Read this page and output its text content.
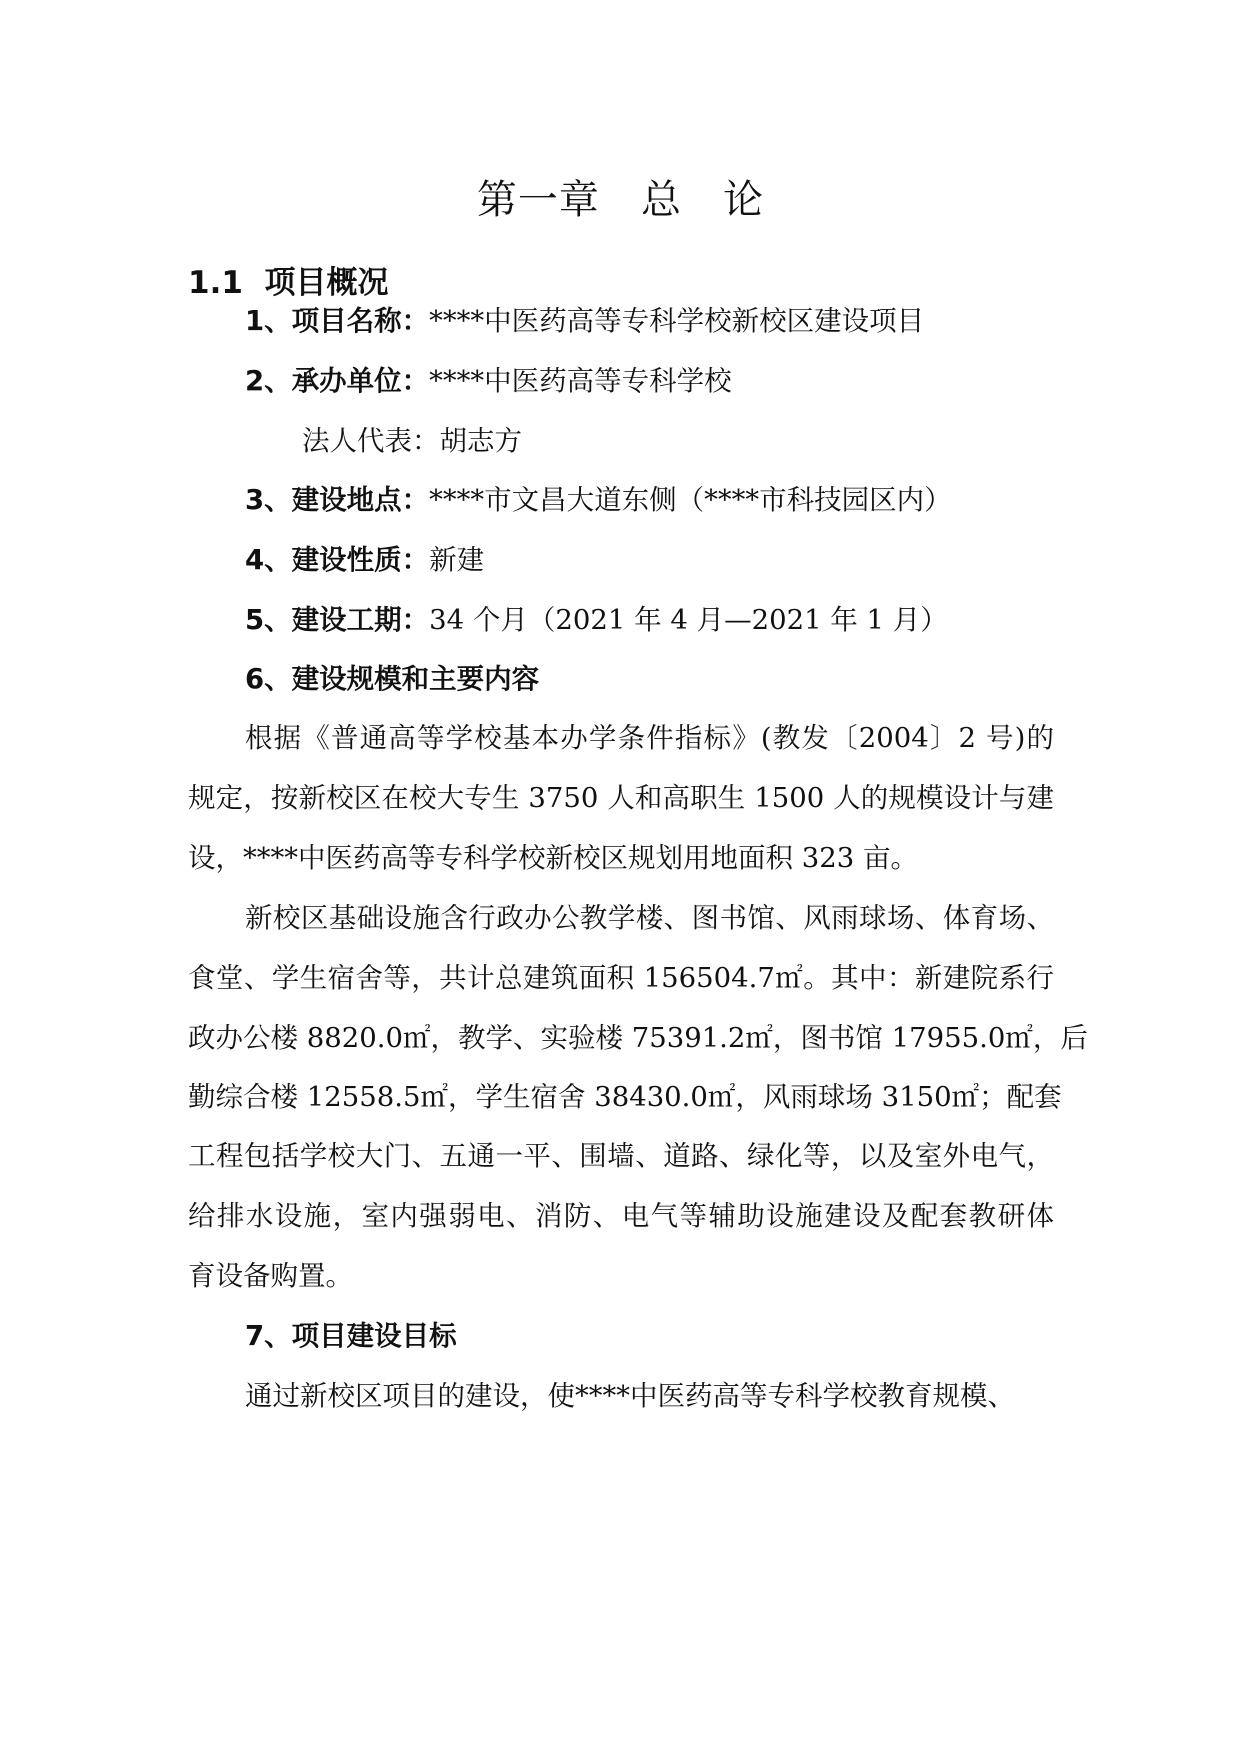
第一章   总   论
1.1  项目概况
1、项目名称：****中医药高等专科学校新校区建设项目
2、承办单位：****中医药高等专科学校
法人代表：胡志方
3、建设地点：****市文昌大道东侧（****市科技园区内）
4、建设性质：新建
5、建设工期：34 个月（2021 年 4 月—2021 年 1 月）
6、建设规模和主要内容
根据《普通高等学校基本办学条件指标》(教发〔2004〕2 号)的
规定，按新校区在校大专生 3750 人和高职生 1500 人的规模设计与建
设，****中医药高等专科学校新校区规划用地面积 323 亩。
新校区基础设施含行政办公教学楼、图书馆、风雨球场、体育场、
食堂、学生宿舍等，共计总建筑面积 156504.7㎡。其中：新建院系行
政办公楼 8820.0㎡，教学、实验楼 75391.2㎡，图书馆 17955.0㎡，后
勤综合楼 12558.5㎡，学生宿舍 38430.0㎡，风雨球场 3150㎡；配套
工程包括学校大门、五通一平、围墙、道路、绿化等，以及室外电气，
给排水设施，室内强弱电、消防、电气等辅助设施建设及配套教研体
育设备购置。
7、项目建设目标
通过新校区项目的建设，使****中医药高等专科学校教育规模、
